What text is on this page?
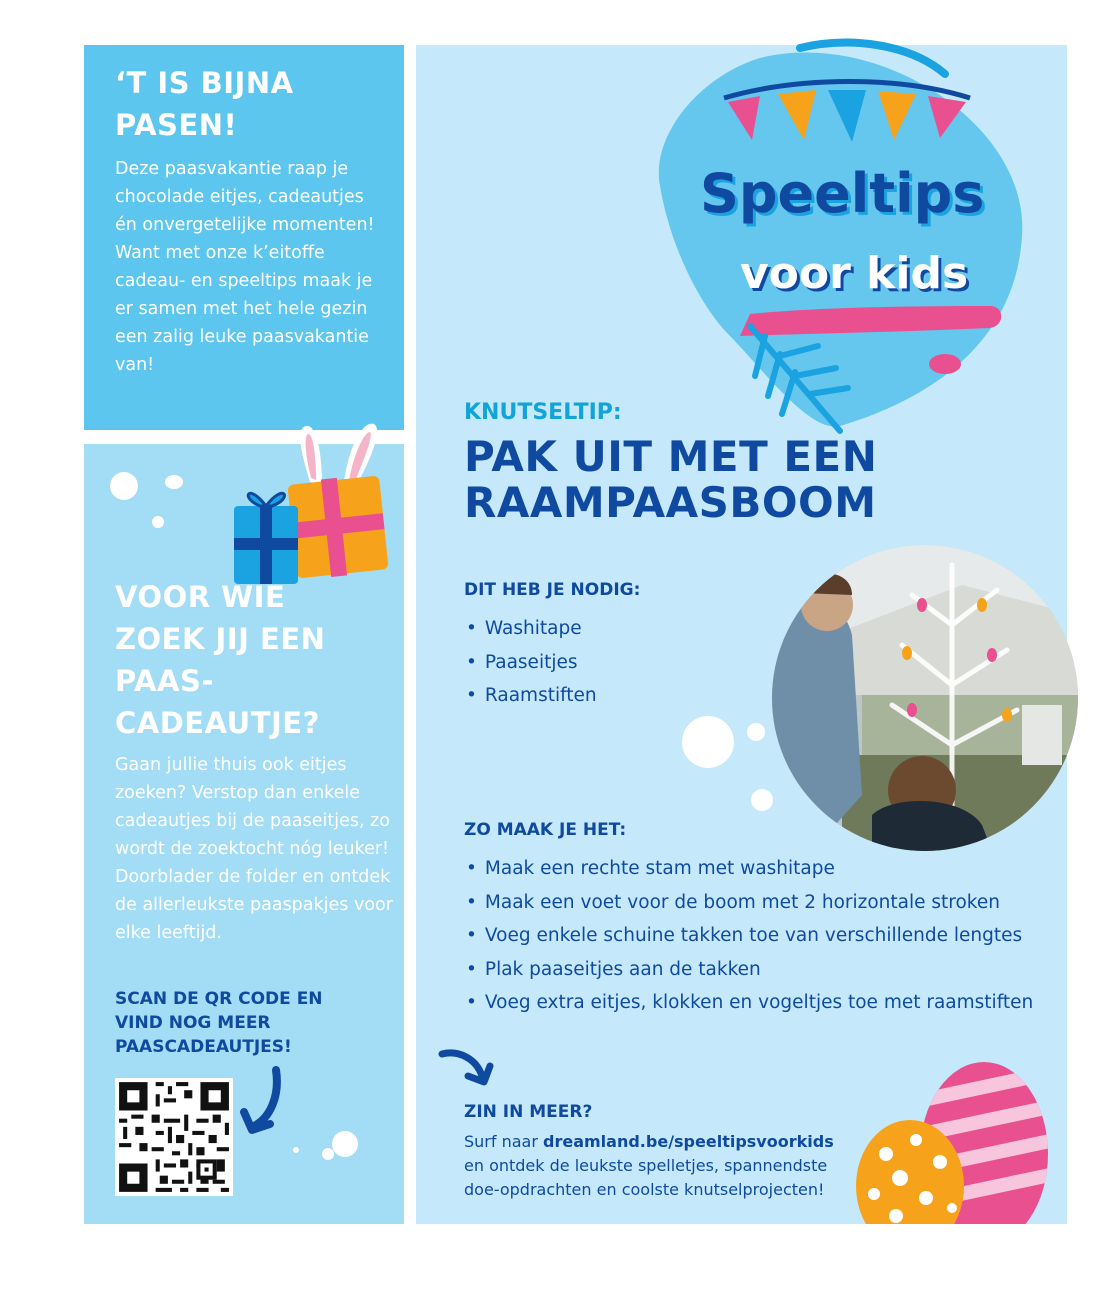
‘T IS BIJNA PASEN!

Deze paasvakantie raap je chocolade eitjes, cadeautjes én onvergetelijke momenten! Want met onze k’eitoffe cadeau- en speeltips maak je er samen met het hele gezin een zalig leuke paasvakantie van!

VOOR WIE ZOEK JIJ EEN PAAS-CADEAUTJE?

Gaan jullie thuis ook eitjes zoeken? Verstop dan enkele cadeautjes bij de paaseitjes, zo wordt de zoektocht nóg leuker! Doorblader de folder en ontdek de allerleukste paaspakjes voor elke leeftijd.

SCAN DE QR CODE EN VIND NOG MEER PAASCADEAUTJES!

Speeltips
voor kids
KNUTSELTIP:
PAK UIT MET EEN RAAMPAASBOOM
DIT HEB JE NODIG:
• Washitape
• Paaseitjes
• Raamstiften
ZO MAAK JE HET:
• Maak een rechte stam met washitape
• Maak een voet voor de boom met 2 horizontale stroken
• Voeg enkele schuine takken toe van verschillende lengtes
• Plak paaseitjes aan de takken
• Voeg extra eitjes, klokken en vogeltjes toe met raamstiften
ZIN IN MEER?
Surf naar dreamland.be/speeltipsvoorkids en ontdek de leukste spelletjes, spannendste doe-opdrachten en coolste knutselprojecten!
